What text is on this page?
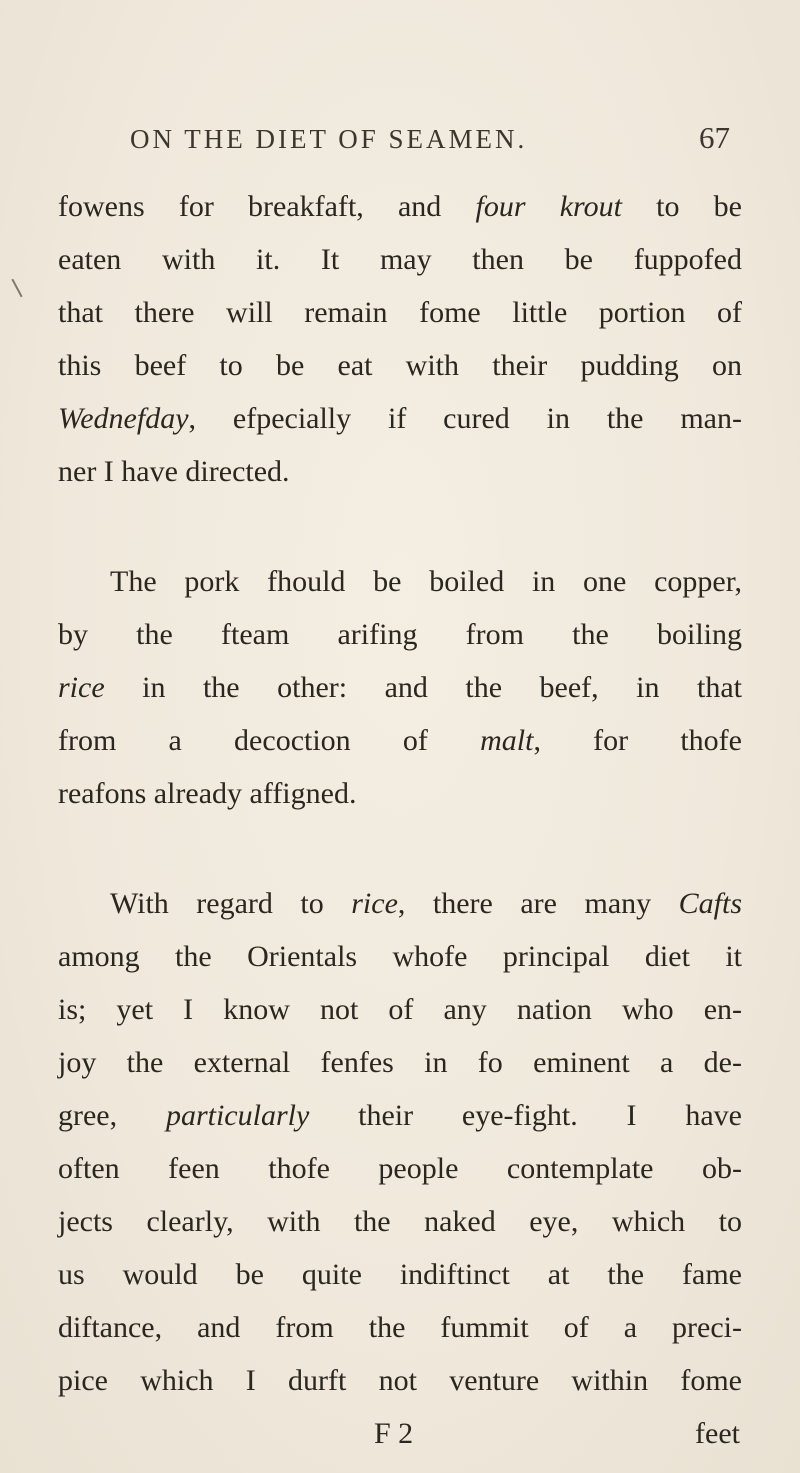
ON THE DIET OF SEAMEN.	67
fowens for breakfaft, and four krout to be
eaten with it. It may then be fuppofed
that there will remain fome little portion of
this beef to be eat with their pudding on
Wednefday, efpecially if cured in the man-
ner I have directed.
The pork fhould be boiled in one copper,
by the fteam arifing from the boiling
rice in the other: and the beef, in that
from a decoction of malt, for thofe
reafons already affigned.
With regard to rice, there are many Cafts
among the Orientals whofe principal diet it
is; yet I know not of any nation who en-
joy the external fenfes in fo eminent a de-
gree, particularly their eye-fight. I have
often feen thofe people contemplate ob-
jects clearly, with the naked eye, which to
us would be quite indiftinct at the fame
diftance, and from the fummit of a preci-
pice which I durft not venture within fome
F 2	feet
